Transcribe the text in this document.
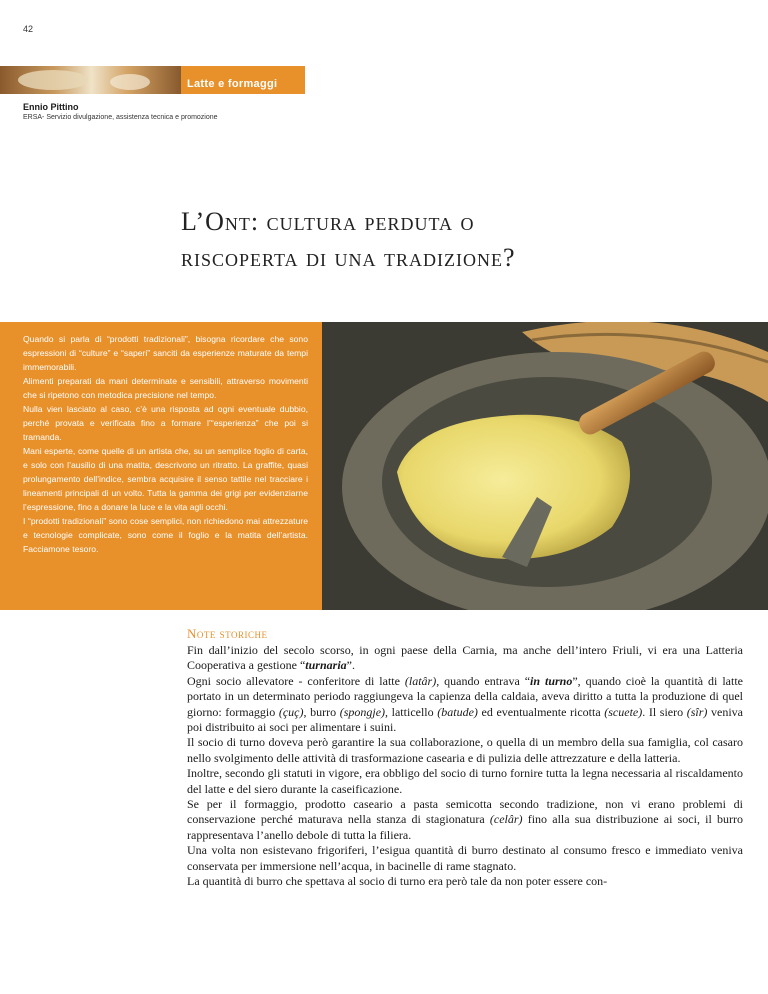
42
Latte e formaggi
Ennio Pittino
ERSA- Servizio divulgazione, assistenza tecnica e promozione
L’Ont: cultura perduta o
riscoperta di una tradizione?

Quando si parla di “prodotti tradizionali”, bisogna ricordare che sono espressioni di “culture” e “saperi” sanciti da esperienze maturate da tempi immemorabili.

Alimenti preparati da mani determinate e sensibili, attraverso movimenti che si ripetono con metodica precisione nel tempo.

Nulla vien lasciato al caso, c’è una risposta ad ogni eventuale dubbio, perché provata e verificata fino a formare l’“esperienza” che poi si tramanda.

Mani esperte, come quelle di un artista che, su un semplice foglio di carta, e solo con l’ausilio di una matita, descrivono un ritratto. La graffite, quasi prolungamento dell’indice, sembra acquisire il senso tattile nel tracciare i lineamenti principali di un volto. Tutta la gamma dei grigi per evidenziarne l’espressione, fino a donare la luce e la vita agli occhi.

I “prodotti tradizionali” sono cose semplici, non richiedono mai attrezzature e tecnologie complicate, sono come il foglio e la matita dell’artista. Facciamone tesoro.

Note storiche

Fin dall’inizio del secolo scorso, in ogni paese della Carnia, ma anche dell’intero Friuli, vi era una Latteria Cooperativa a gestione “turnaria”.

Ogni socio allevatore - conferitore di latte (latâr), quando entrava “in turno”, quando cioè la quantità di latte portato in un determinato periodo raggiungeva la capienza della caldaia, aveva diritto a tutta la produzione di quel giorno: formaggio (çuç), burro (spongje), latticello (batude) ed eventualmente ricotta (scuete). Il siero (sîr) veniva poi distribuito ai soci per alimentare i suini.

Il socio di turno doveva però garantire la sua collaborazione, o quella di un membro della sua famiglia, col casaro nello svolgimento delle attività di trasformazione casearia e di pulizia delle attrezzature e della latteria.

Inoltre, secondo gli statuti in vigore, era obbligo del socio di turno fornire tutta la legna necessaria al riscaldamento del latte e del siero durante la caseificazione.

Se per il formaggio, prodotto caseario a pasta semicotta secondo tradizione, non vi erano problemi di conservazione perché maturava nella stanza di stagionatura (celâr) fino alla sua distribuzione ai soci, il burro rappresentava l’anello debole di tutta la filiera.

Una volta non esistevano frigoriferi, l’esigua quantità di burro destinato al consumo fresco e immediato veniva conservata per immersione nell’acqua, in bacinelle di rame stagnato.

La quantità di burro che spettava al socio di turno era però tale da non poter essere con-
